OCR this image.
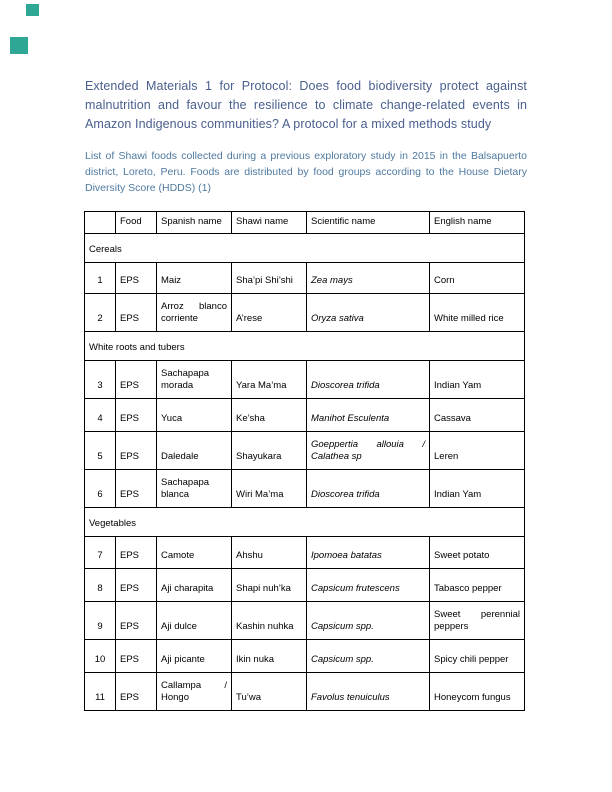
Extended Materials 1 for Protocol: Does food biodiversity protect against
malnutrition and favour the resilience to climate change-related events in
Amazon Indigenous communities? A protocol for a mixed methods study
List of Shawi foods collected during a previous exploratory study in 2015 in the Balsapuerto
district, Loreto, Peru. Foods are distributed by food groups according to the House Dietary
Diversity Score (HDDS) (1)
	Food	Spanish name	Shawi name	Scientific name	English name
Cereals					
1	EPS	Maiz	Sha’pi Shi’shi	Zea mays	Corn
2	EPS	Arroz blanco corriente	A’rese	Oryza sativa	White milled rice
White roots and tubers					
3	EPS	Sachapapa morada	Yara Ma’ma	Dioscorea trifida	Indian Yam
4	EPS	Yuca	Ke’sha	Manihot Esculenta	Cassava
5	EPS	Daledale	Shayukara	Goeppertia allouia / Calathea sp	Leren
6	EPS	Sachapapa blanca	Wiri Ma’ma	Dioscorea trifida	Indian Yam
Vegetables					
7	EPS	Camote	Ahshu	Ipomoea batatas	Sweet potato
8	EPS	Aji charapita	Shapi nuh’ka	Capsicum frutescens	Tabasco pepper
9	EPS	Aji dulce	Kashin nuhka	Capsicum spp.	Sweet perennial peppers
10	EPS	Aji picante	Ikin nuka	Capsicum spp.	Spicy chili pepper
11	EPS	Callampa / Hongo	Tu’wa	Favolus tenuiculus	Honeycom fungus
